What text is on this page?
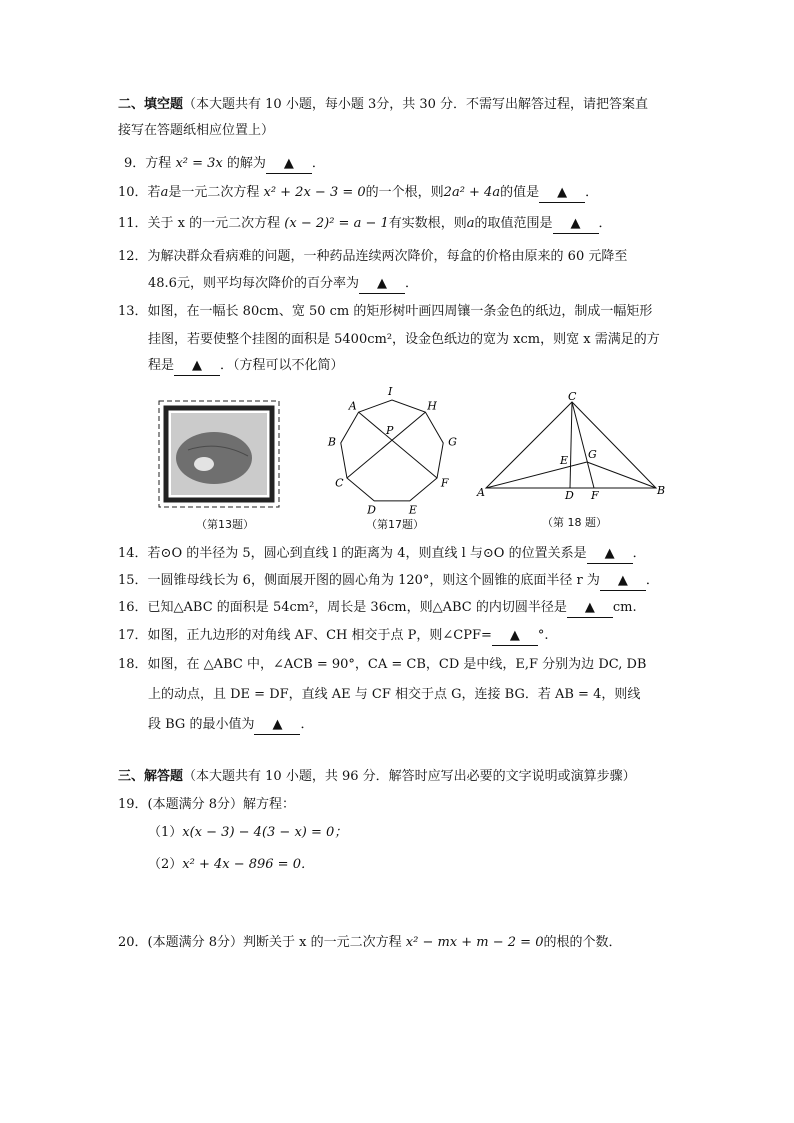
二、填空题（本大题共有 10 小题，每小题 3分，共 30 分．不需写出解答过程，请把答案直
接写在答题纸相应位置上）
9．方程 x² = 3x 的解为 ▲ ．
10．若a是一元二次方程 x² + 2x − 3 = 0的一个根，则2a² + 4a的值是 ▲ ．
11．关于 x 的一元二次方程 (x − 2)² = a − 1有实数根，则a的取值范围是 ▲ ．
12．为解决群众看病难的问题，一种药品连续两次降价，每盒的价格由原来的 60 元降至
48.6元，则平均每次降价的百分率为 ▲ ．
13．如图，在一幅长 80cm、宽 50 cm 的矩形树叶画四周镶一条金色的纸边，制成一幅矩形
挂图，若要使整个挂图的面积是 5400cm²，设金色纸边的宽为 xcm，则宽 x 需满足的方
程是 ▲ ．（方程可以不化简）
（第13题）
A
I
H
G
F
E
D
C
B
P
（第17题）
C
A	B
D F
E G
（第 18 题）
14．若⊙O 的半径为 5，圆心到直线 l 的距离为 4，则直线 l 与⊙O 的位置关系是 ▲ ．
15．一圆锥母线长为 6，侧面展开图的圆心角为 120°，则这个圆锥的底面半径 r 为 ▲ ．
16．已知△ABC 的面积是 54cm²，周长是 36cm，则△ABC 的内切圆半径是 ▲ cm.
17．如图，正九边形的对角线 AF、CH 相交于点 P，则∠CPF= ▲ °.
18．如图，在 △ABC 中，∠ACB = 90°，CA = CB，CD 是中线，E,F 分别为边 DC, DB
上的动点，且 DE = DF，直线 AE 与 CF 相交于点 G，连接 BG．若 AB = 4，则线
段 BG 的最小值为 ▲ ．
三、解答题（本大题共有 10 小题，共 96 分．解答时应写出必要的文字说明或演算步骤）
19．(本题满分 8分）解方程：
（1）x(x − 3) − 4(3 − x) = 0；
（2）x² + 4x − 896 = 0．
20．(本题满分 8分）判断关于 x 的一元二次方程 x² − mx + m − 2 = 0的根的个数．
